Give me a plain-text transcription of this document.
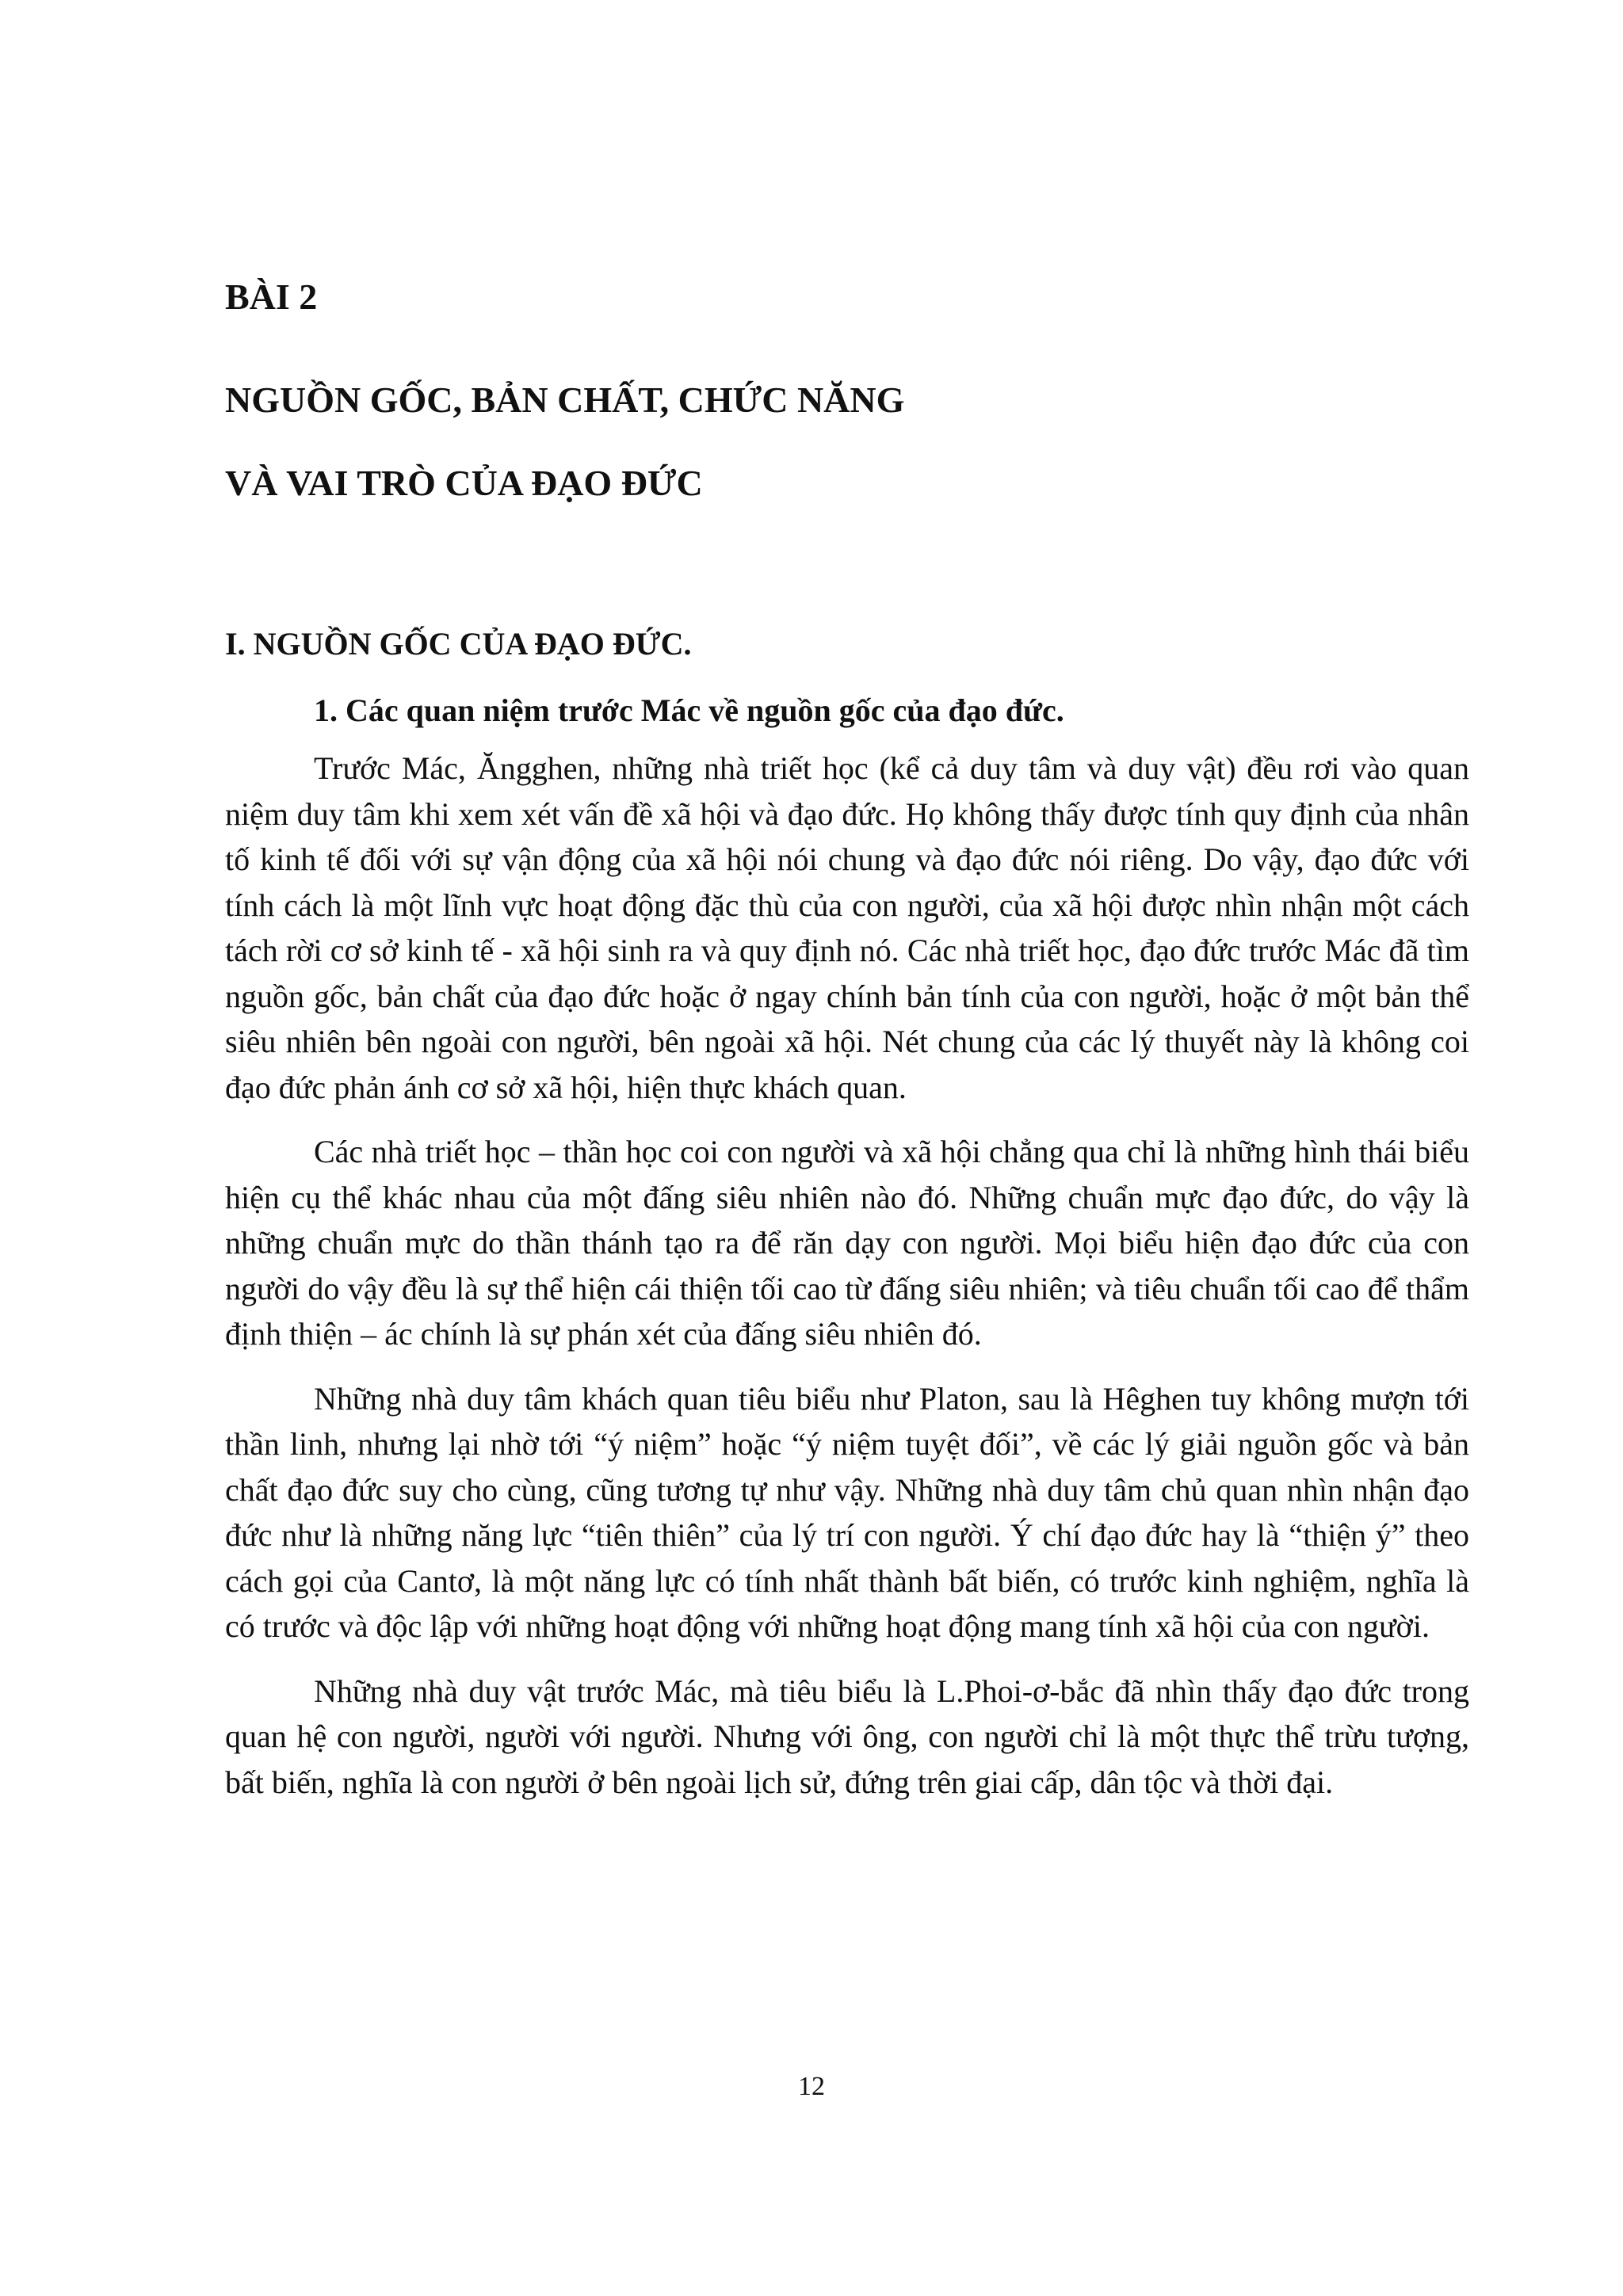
BÀI 2
NGUỒN GỐC, BẢN CHẤT, CHỨC NĂNG
VÀ VAI TRÒ CỦA ĐẠO ĐỨC
I. NGUỒN GỐC CỦA ĐẠO ĐỨC.
1. Các quan niệm trước Mác về nguồn gốc của đạo đức.

Trước Mác, Ăngghen, những nhà triết học (kể cả duy tâm và duy vật) đều rơi vào quan niệm duy tâm khi xem xét vấn đề xã hội và đạo đức. Họ không thấy được tính quy định của nhân tố kinh tế đối với sự vận động của xã hội nói chung và đạo đức nói riêng. Do vậy, đạo đức với tính cách là một lĩnh vực hoạt động đặc thù của con người, của xã hội được nhìn nhận một cách tách rời cơ sở kinh tế - xã hội sinh ra và quy định nó. Các nhà triết học, đạo đức trước Mác đã tìm nguồn gốc, bản chất của đạo đức hoặc ở ngay chính bản tính của con người, hoặc ở một bản thể siêu nhiên bên ngoài con người, bên ngoài xã hội. Nét chung của các lý thuyết này là không coi đạo đức phản ánh cơ sở xã hội, hiện thực khách quan.

Các nhà triết học – thần học coi con người và xã hội chẳng qua chỉ là những hình thái biểu hiện cụ thể khác nhau của một đấng siêu nhiên nào đó. Những chuẩn mực đạo đức, do vậy là những chuẩn mực do thần thánh tạo ra để răn dạy con người. Mọi biểu hiện đạo đức của con người do vậy đều là sự thể hiện cái thiện tối cao từ đấng siêu nhiên; và tiêu chuẩn tối cao để thẩm định thiện – ác chính là sự phán xét của đấng siêu nhiên đó.

Những nhà duy tâm khách quan tiêu biểu như Platon, sau là Hêghen tuy không mượn tới thần linh, nhưng lại nhờ tới “ý niệm” hoặc “ý niệm tuyệt đối”, về các lý giải nguồn gốc và bản chất đạo đức suy cho cùng, cũng tương tự như vậy. Những nhà duy tâm chủ quan nhìn nhận đạo đức như là những năng lực “tiên thiên” của lý trí con người. Ý chí đạo đức hay là “thiện ý” theo cách gọi của Cantơ, là một năng lực có tính nhất thành bất biến, có trước kinh nghiệm, nghĩa là có trước và độc lập với những hoạt động với những hoạt động mang tính xã hội của con người.

Những nhà duy vật trước Mác, mà tiêu biểu là L.Phoi-ơ-bắc đã nhìn thấy đạo đức trong quan hệ con người, người với người. Nhưng với ông, con người chỉ là một thực thể trừu tượng, bất biến, nghĩa là con người ở bên ngoài lịch sử, đứng trên giai cấp, dân tộc và thời đại.

12
